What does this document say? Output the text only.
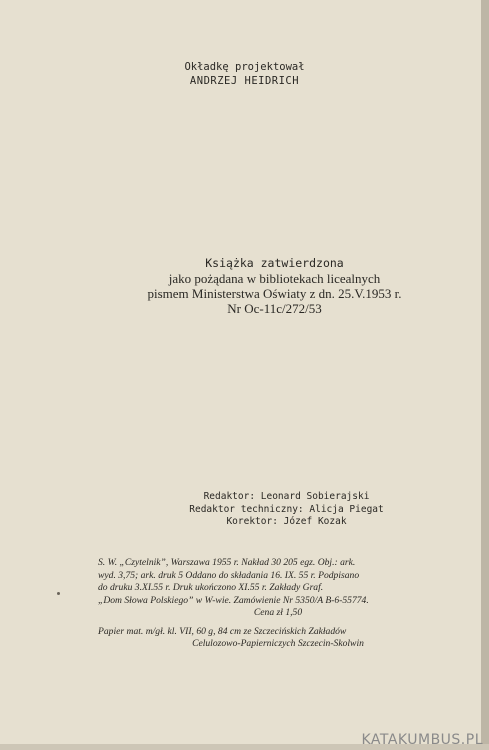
Okładkę projektował
ANDRZEJ HEIDRICH
Książka zatwierdzona
jako pożądana w bibliotekach licealnych
pismem Ministerstwa Oświaty z dn. 25.V.1953 r.
Nr Oc-11c/272/53
Redaktor: Leonard Sobierajski
Redaktor techniczny: Alicja Piegat
Korektor: Józef Kozak
S. W. „Czytelnik”, Warszawa 1955 r. Nakład 30 205 egz. Obj.: ark.
wyd. 3,75; ark. druk 5 Oddano do składania 16. IX. 55 r. Podpisano
do druku 3.XI.55 r. Druk ukończono XI.55 r. Zakłady Graf.
„Dom Słowa Polskiego” w W-wie. Zamówienie Nr 5350/A B-6-55774.
Cena zł 1,50
Papier mat. m/gł. kl. VII, 60 g, 84 cm ze Szczecińskich Zakładów
Celulozowo-Papierniczych Szczecin-Skolwin
KATAKUMBUS.PL
